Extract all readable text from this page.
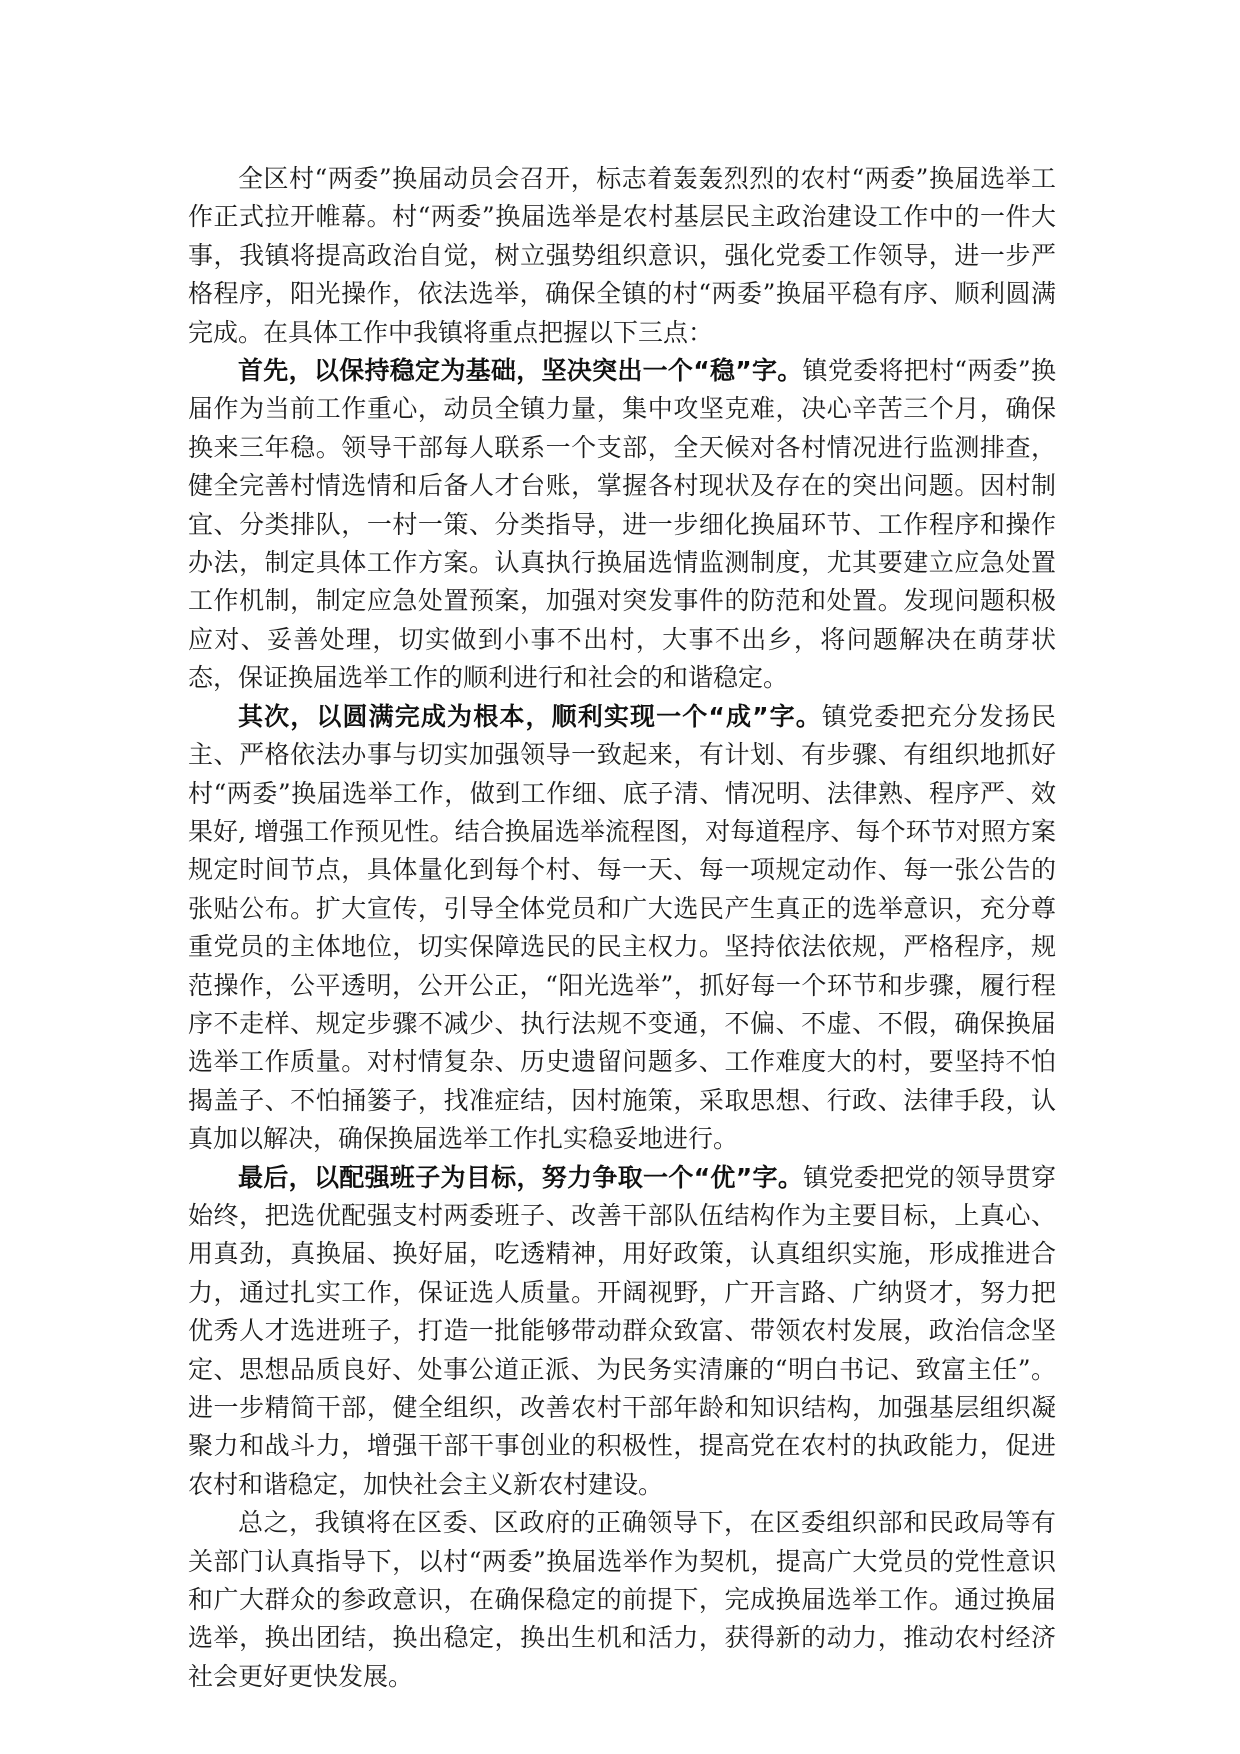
全区村“两委”换届动员会召开，标志着轰轰烈烈的农村“两委”换届选举工作正式拉开帷幕。村“两委”换届选举是农村基层民主政治建设工作中的一件大事，我镇将提高政治自觉，树立强势组织意识，强化党委工作领导，进一步严格程序，阳光操作，依法选举，确保全镇的村“两委”换届平稳有序、顺利圆满完成。在具体工作中我镇将重点把握以下三点：

首先，以保持稳定为基础，坚决突出一个“稳”字。镇党委将把村“两委”换届作为当前工作重心，动员全镇力量，集中攻坚克难，决心辛苦三个月，确保换来三年稳。领导干部每人联系一个支部，全天候对各村情况进行监测排查，健全完善村情选情和后备人才台账，掌握各村现状及存在的突出问题。因村制宜、分类排队，一村一策、分类指导，进一步细化换届环节、工作程序和操作办法，制定具体工作方案。认真执行换届选情监测制度，尤其要建立应急处置工作机制，制定应急处置预案，加强对突发事件的防范和处置。发现问题积极应对、妥善处理，切实做到小事不出村，大事不出乡，将问题解决在萌芽状态，保证换届选举工作的顺利进行和社会的和谐稳定。

其次，以圆满完成为根本，顺利实现一个“成”字。镇党委把充分发扬民主、严格依法办事与切实加强领导一致起来，有计划、有步骤、有组织地抓好村“两委”换届选举工作，做到工作细、底子清、情况明、法律熟、程序严、效果好, 增强工作预见性。结合换届选举流程图，对每道程序、每个环节对照方案规定时间节点，具体量化到每个村、每一天、每一项规定动作、每一张公告的张贴公布。扩大宣传，引导全体党员和广大选民产生真正的选举意识，充分尊重党员的主体地位，切实保障选民的民主权力。坚持依法依规，严格程序，规范操作，公平透明，公开公正，“阳光选举”，抓好每一个环节和步骤，履行程序不走样、规定步骤不减少、执行法规不变通，不偏、不虚、不假，确保换届选举工作质量。对村情复杂、历史遗留问题多、工作难度大的村，要坚持不怕揭盖子、不怕捅篓子，找准症结，因村施策，采取思想、行政、法律手段，认真加以解决，确保换届选举工作扎实稳妥地进行。

最后，以配强班子为目标，努力争取一个“优”字。镇党委把党的领导贯穿始终，把选优配强支村两委班子、改善干部队伍结构作为主要目标，上真心、用真劲，真换届、换好届，吃透精神，用好政策，认真组织实施，形成推进合力，通过扎实工作，保证选人质量。开阔视野，广开言路、广纳贤才，努力把优秀人才选进班子，打造一批能够带动群众致富、带领农村发展，政治信念坚定、思想品质良好、处事公道正派、为民务实清廉的“明白书记、致富主任”。进一步精简干部，健全组织，改善农村干部年龄和知识结构，加强基层组织凝聚力和战斗力，增强干部干事创业的积极性，提高党在农村的执政能力，促进农村和谐稳定，加快社会主义新农村建设。

总之，我镇将在区委、区政府的正确领导下，在区委组织部和民政局等有关部门认真指导下，以村“两委”换届选举作为契机，提高广大党员的党性意识和广大群众的参政意识，在确保稳定的前提下，完成换届选举工作。通过换届选举，换出团结，换出稳定，换出生机和活力，获得新的动力，推动农村经济社会更好更快发展。
